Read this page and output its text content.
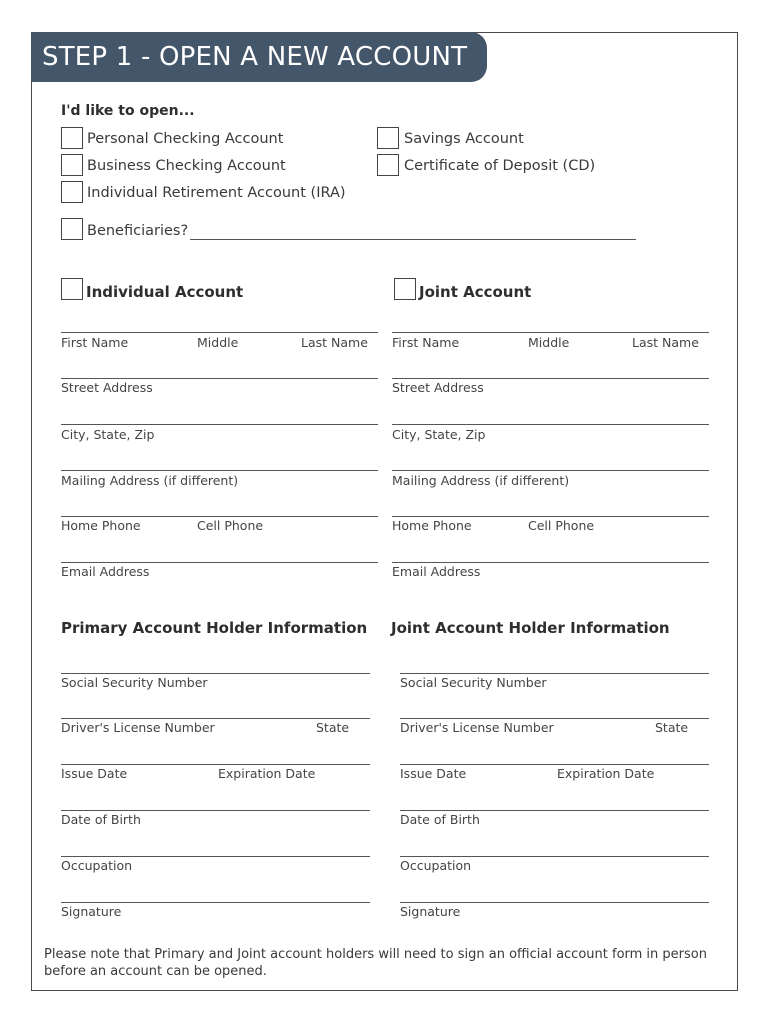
STEP 1 - OPEN A NEW ACCOUNT
I'd like to open...
Personal Checking Account
Business Checking Account
Individual Retirement Account (IRA)
Savings Account
Certificate of Deposit (CD)
Beneficiaries?
Individual Account	Joint Account
First Name	Middle	Last Name
Street Address
City, State, Zip
Mailing Address (if different)
Home Phone	Cell Phone
Email Address
First Name	Middle	Last Name
Street Address
City, State, Zip
Mailing Address (if different)
Home Phone	Cell Phone
Email Address
Primary Account Holder Information Joint Account Holder Information
Social Security Number
Driver's License Number	State
Issue Date	Expiration Date
Date of Birth
Occupation
Signature
Social Security Number
Driver's License Number	State
Issue Date	Expiration Date
Date of Birth
Occupation
Signature
Please note that Primary and Joint account holders will need to sign an official account form in person before an account can be opened.
